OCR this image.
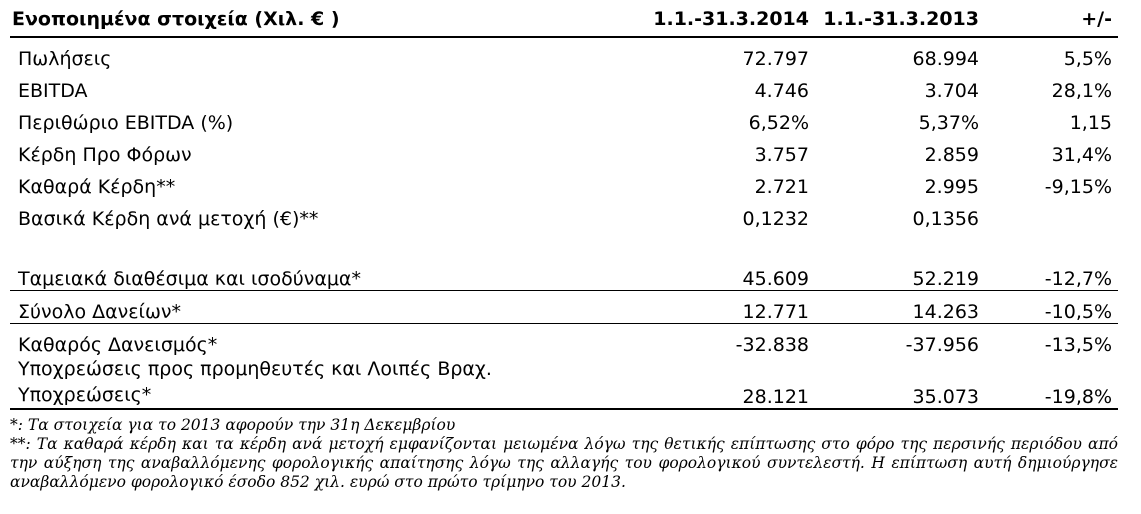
Ενοποιημένα στοιχεία (Χιλ. € )	1.1.-31.3.2014	1.1.-31.3.2013	+/-
Πωλήσεις	72.797	68.994	5,5%
EBITDA	4.746	3.704	28,1%
Περιθώριο EBITDA (%)	6,52%	5,37%	1,15
Κέρδη Προ Φόρων	3.757	2.859	31,4%
Καθαρά Κέρδη**	2.721	2.995	-9,15%
Βασικά Κέρδη ανά μετοχή (€)**	0,1232	0,1356	

Ταμειακά διαθέσιμα και ισοδύναμα*	45.609	52.219	-12,7%
Σύνολο Δανείων*	12.771	14.263	-10,5%
Καθαρός Δανεισμός*	-32.838	-37.956	-13,5%
Υποχρεώσεις προς προμηθευτές και Λοιπές Βραχ. Υποχρεώσεις*	28.121	35.073	-19,8%

*: Τα στοιχεία για το 2013 αφορούν την 31η Δεκεμβρίου

**: Τα καθαρά κέρδη και τα κέρδη ανά μετοχή εμφανίζονται μειωμένα λόγω της θετικής επίπτωσης στο φόρο της περσινής περιόδου από την αύξηση της αναβαλλόμενης φορολογικής απαίτησης λόγω της αλλαγής του φορολογικού συντελεστή. Η επίπτωση αυτή δημιούργησε αναβαλλόμενο φορολογικό έσοδο 852 χιλ. ευρώ στο πρώτο τρίμηνο του 2013.
